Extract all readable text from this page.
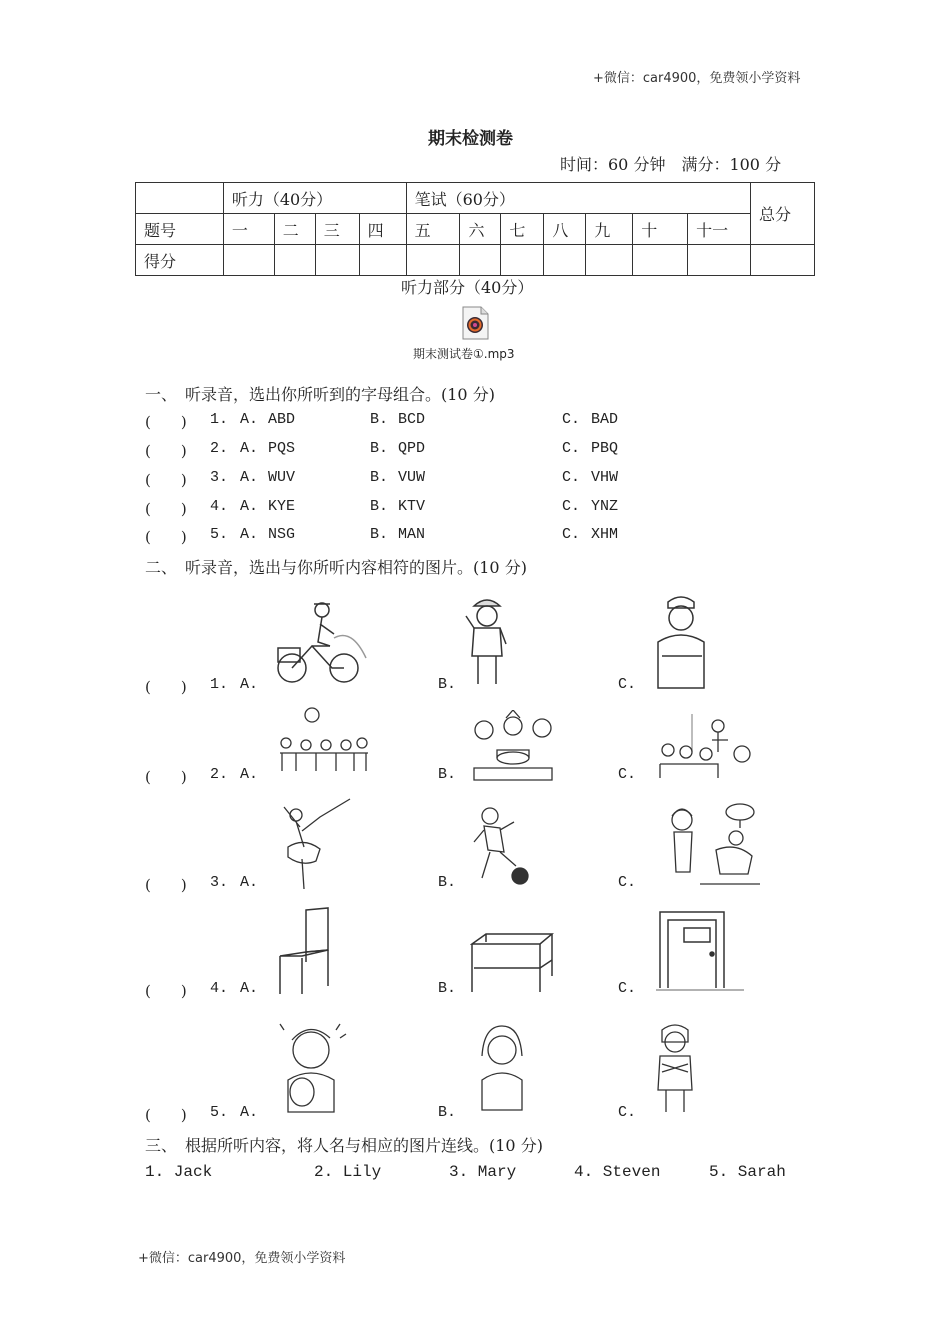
+微信：car4900，免费领小学资料
+微信：car4900，免费领小学资料
期末检测卷
时间：60 分钟　满分：100 分
	听力（40分）				笔试（60分）							总分
题号	一	二	三	四	五	六	七	八	九	十	十一	
得分												
听力部分（40分）
期末测试卷①.mp3
一、　听录音，选出你所听到的字母组合。(10 分)
(　　) 1. A. ABD	B. BCD	C. BAD
(　　) 2. A. PQS	B. QPD	C. PBQ
(　　) 3. A. WUV	B. VUW	C. VHW
(　　) 4. A. KYE	B. KTV	C. YNZ
(　　) 5. A. NSG	B. MAN	C. XHM
二、　听录音，选出与你所听内容相符的图片。(10 分)
(　　) 1. A.	B.	C.
(　　) 2. A.	B.	C.
(　　) 3. A.	B.	C.
(　　) 4. A.	B.	C.
(　　) 5. A.	B.	C.
三、　根据所听内容，将人名与相应的图片连线。(10 分)
1. Jack	2. Lily	3. Mary	4. Steven	5. Sarah
